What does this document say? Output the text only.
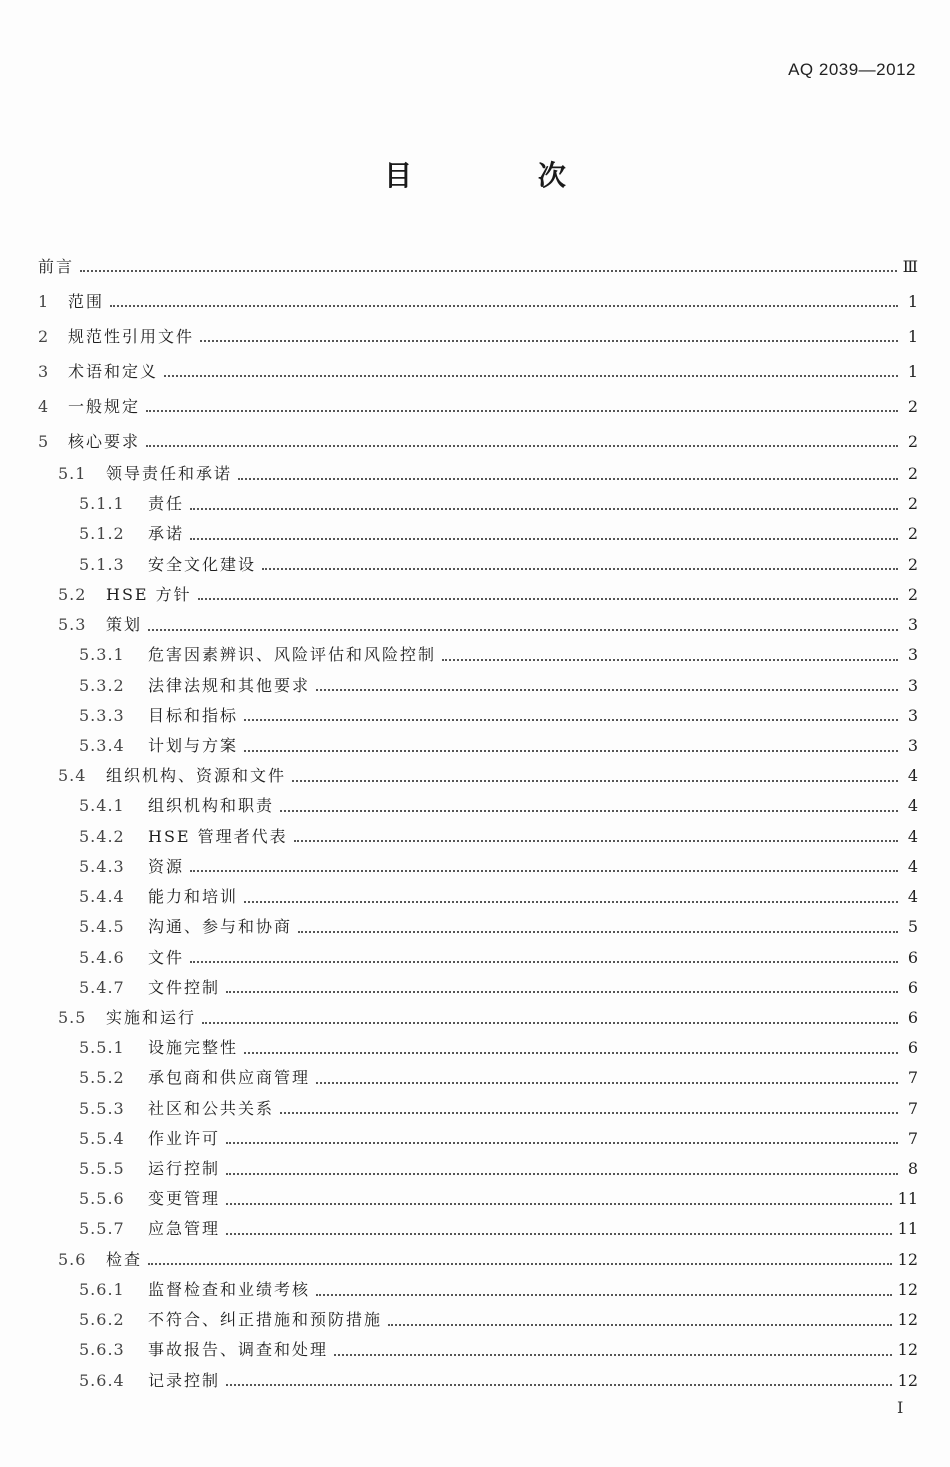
AQ 2039—2012
目 次
前言	Ⅲ
1	范围	1
2	规范性引用文件	1
3	术语和定义	1
4	一般规定	2
5	核心要求	2
5.1	领导责任和承诺	2
5.1.1	责任	2
5.1.2	承诺	2
5.1.3	安全文化建设	2
5.2	HSE 方针	2
5.3	策划	3
5.3.1	危害因素辨识、风险评估和风险控制	3
5.3.2	法律法规和其他要求	3
5.3.3	目标和指标	3
5.3.4	计划与方案	3
5.4	组织机构、资源和文件	4
5.4.1	组织机构和职责	4
5.4.2	HSE 管理者代表	4
5.4.3	资源	4
5.4.4	能力和培训	4
5.4.5	沟通、参与和协商	5
5.4.6	文件	6
5.4.7	文件控制	6
5.5	实施和运行	6
5.5.1	设施完整性	6
5.5.2	承包商和供应商管理	7
5.5.3	社区和公共关系	7
5.5.4	作业许可	7
5.5.5	运行控制	8
5.5.6	变更管理	11
5.5.7	应急管理	11
5.6	检查	12
5.6.1	监督检查和业绩考核	12
5.6.2	不符合、纠正措施和预防措施	12
5.6.3	事故报告、调查和处理	12
5.6.4	记录控制	12
I
